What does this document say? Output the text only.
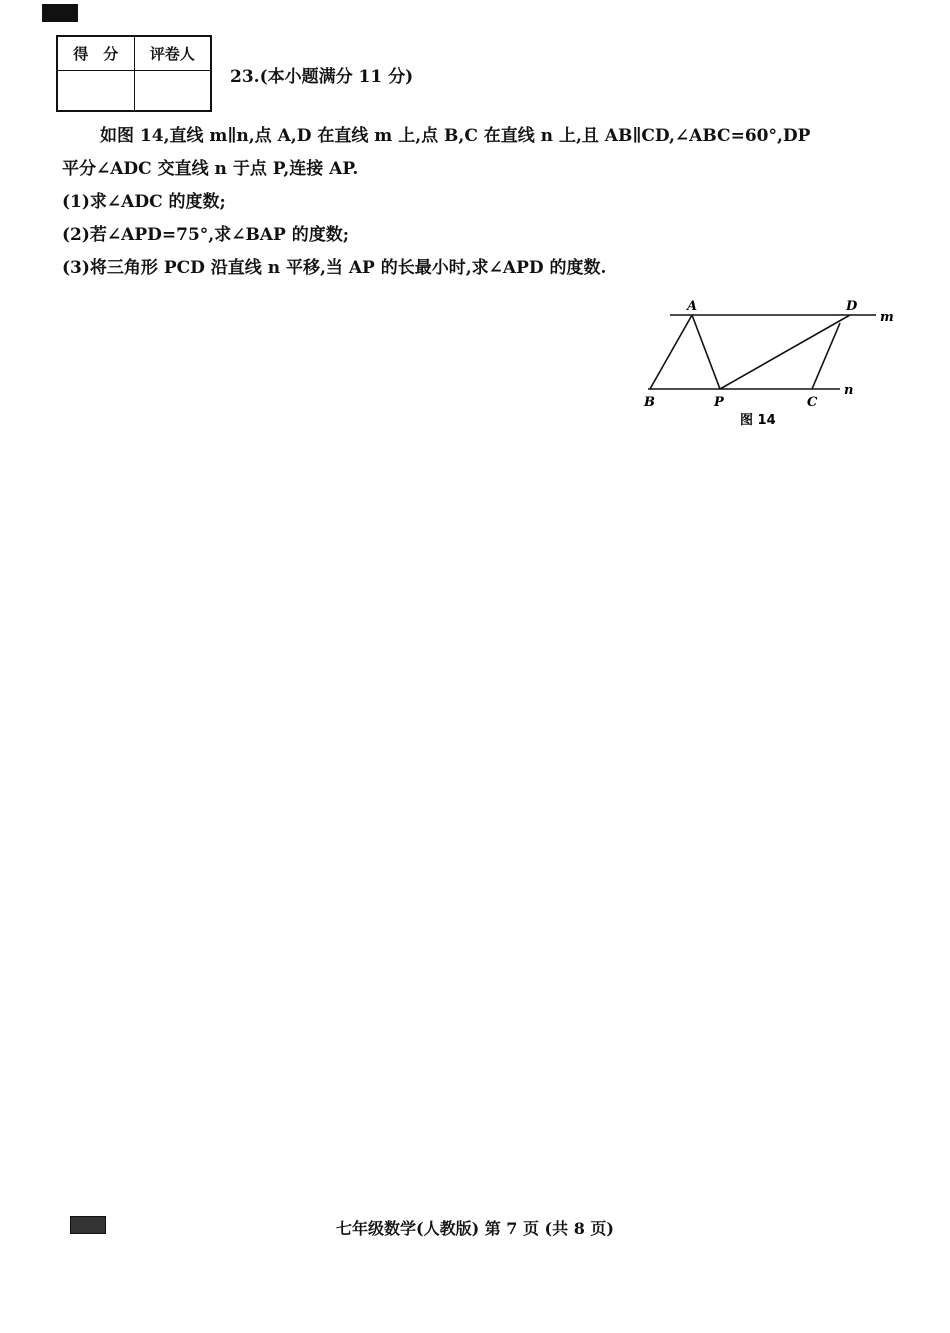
得　分	评卷人

23.(本小题满分 11 分)

如图 14,直线 m∥n,点 A,D 在直线 m 上,点 B,C 在直线 n 上,且 AB∥CD,∠ABC=60°,DP

平分∠ADC 交直线 n 于点 P,连接 AP.

(1)求∠ADC 的度数;

(2)若∠APD=75°,求∠BAP 的度数;

(3)将三角形 PCD 沿直线 n 平移,当 AP 的长最小时,求∠APD 的度数.

A	D
m
B	P	C
n
图 14
七年级数学(人教版) 第 7 页 (共 8 页)
